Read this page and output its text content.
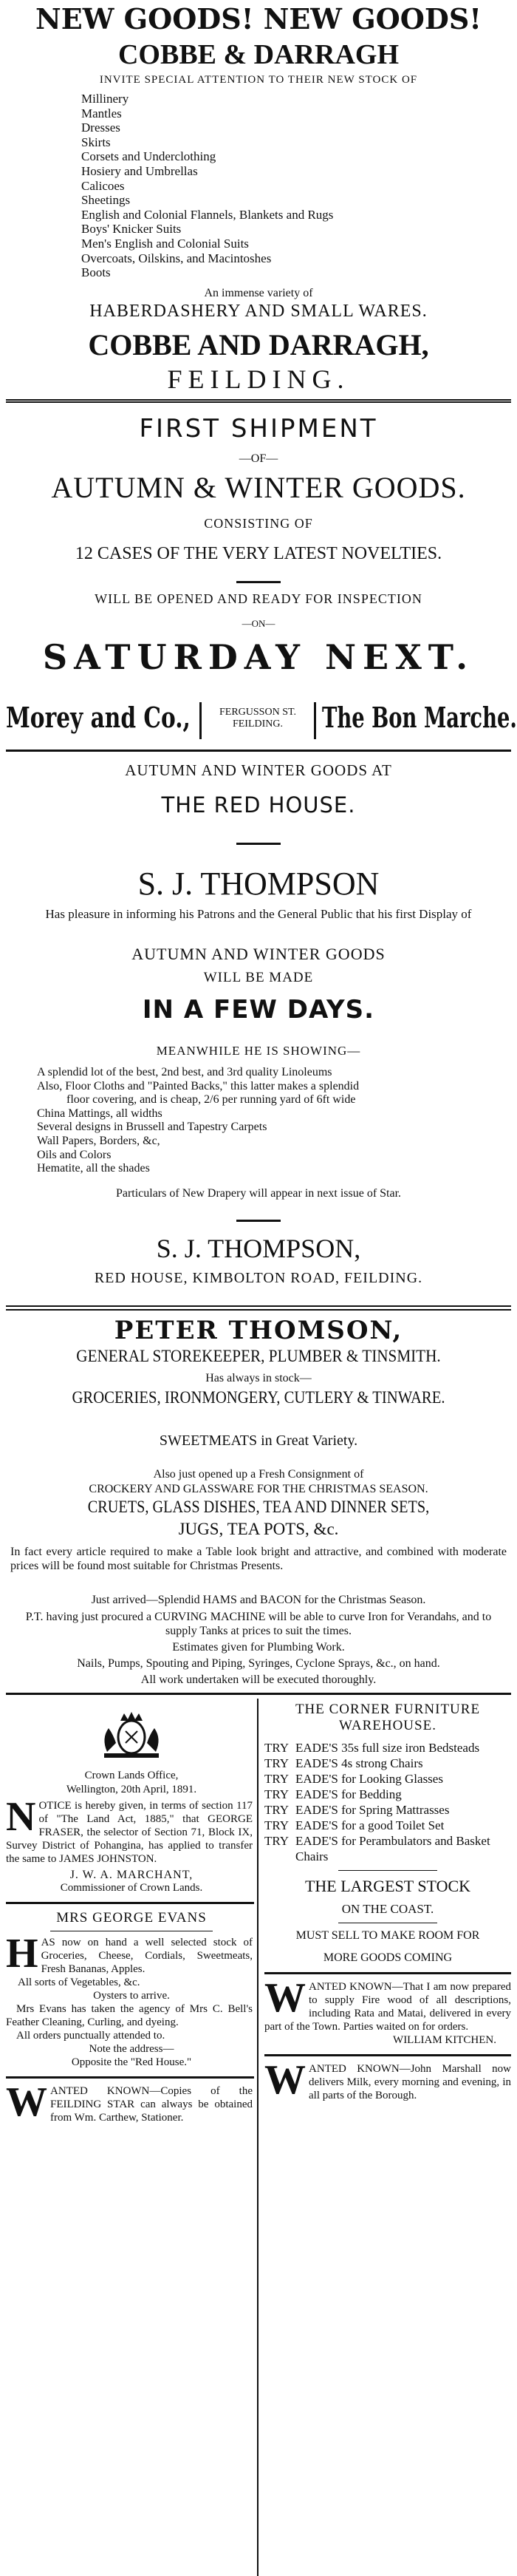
NEW GOODS! NEW GOODS!
COBBE & DARRAGH
INVITE SPECIAL ATTENTION TO THEIR NEW STOCK OF
Millinery
Mantles
Dresses
Skirts
Corsets and Underclothing
Hosiery and Umbrellas
Calicoes
Sheetings
English and Colonial Flannels, Blankets and Rugs
Boys' Knicker Suits
Men's English and Colonial Suits
Overcoats, Oilskins, and Macintoshes
Boots
An immense variety of
HABERDASHERY AND SMALL WARES.
COBBE AND DARRAGH,
FEILDING.
FIRST SHIPMENT
—OF—
AUTUMN & WINTER GOODS.
CONSISTING OF
12 CASES OF THE VERY LATEST NOVELTIES.
WILL BE OPENED AND READY FOR INSPECTION
—ON—
SATURDAY NEXT.
Morey and Co.,	FERGUSSON ST.
FEILDING.	The Bon Marche.
AUTUMN AND WINTER GOODS AT
THE RED HOUSE.
S. J. THOMPSON
Has pleasure in informing his Patrons and the General Public that his first Display of
AUTUMN AND WINTER GOODS
WILL BE MADE
IN A FEW DAYS.
MEANWHILE HE IS SHOWING—
A splendid lot of the best, 2nd best, and 3rd quality Linoleums
Also, Floor Cloths and "Painted Backs," this latter makes a splendid
floor covering, and is cheap, 2/6 per running yard of 6ft wide
China Mattings, all widths
Several designs in Brussell and Tapestry Carpets
Wall Papers, Borders, &c,
Oils and Colors
Hematite, all the shades
Particulars of New Drapery will appear in next issue of Star.
S. J. THOMPSON,
RED HOUSE, KIMBOLTON ROAD, FEILDING.
PETER THOMSON,
GENERAL STOREKEEPER, PLUMBER & TINSMITH.
Has always in stock—
GROCERIES, IRONMONGERY, CUTLERY & TINWARE.
SWEETMEATS in Great Variety.
Also just opened up a Fresh Consignment of
CROCKERY AND GLASSWARE FOR THE CHRISTMAS SEASON.
CRUETS, GLASS DISHES, TEA AND DINNER SETS,
JUGS, TEA POTS, &c.
In fact every article required to make a Table look bright and attractive, and combined with moderate prices will be found most suitable for Christmas Presents.
Just arrived—Splendid HAMS and BACON for the Christmas Season.
P.T. having just procured a CURVING MACHINE will be able to curve Iron for Verandahs, and to supply Tanks at prices to suit the times.
Estimates given for Plumbing Work.
Nails, Pumps, Spouting and Piping, Syringes, Cyclone Sprays, &c., on hand.
All work undertaken will be executed thoroughly.
Crown Lands Office,
Wellington, 20th April, 1891.
NOTICE is hereby given, in terms of section 117 of "The Land Act, 1885," that GEORGE FRASER, the selector of Section 71, Block IX, Survey District of Pohangina, has applied to transfer the same to JAMES JOHNSTON.
J. W. A. MARCHANT,
Commissioner of Crown Lands.
MRS GEORGE EVANS
HAS now on hand a well selected stock of Groceries, Cheese, Cordials, Sweetmeats, Fresh Bananas, Apples.
All sorts of Vegetables, &c.
Oysters to arrive.
Mrs Evans has taken the agency of Mrs C. Bell's Feather Cleaning, Curling, and dyeing.
All orders punctually attended to.
Note the address—
Opposite the "Red House."
WANTED KNOWN—Copies of the FEILDING STAR can always be obtained from Wm. Carthew, Stationer.
THE CORNER FURNITURE WAREHOUSE.
TRY EADE'S 35s full size iron Bedsteads
TRY EADE'S 4s strong Chairs
TRY EADE'S for Looking Glasses
TRY EADE'S for Bedding
TRY EADE'S for Spring Mattrasses
TRY EADE'S for a good Toilet Set
TRY EADE'S for Perambulators and Basket Chairs
THE LARGEST STOCK
ON THE COAST.
MUST SELL TO MAKE ROOM FOR
MORE GOODS COMING
WANTED KNOWN—That I am now prepared to supply Fire wood of all descriptions, including Rata and Matai, delivered in every part of the Town. Parties waited on for orders.
WILLIAM KITCHEN.
WANTED KNOWN—John Marshall now delivers Milk, every morning and evening, in all parts of the Borough.
